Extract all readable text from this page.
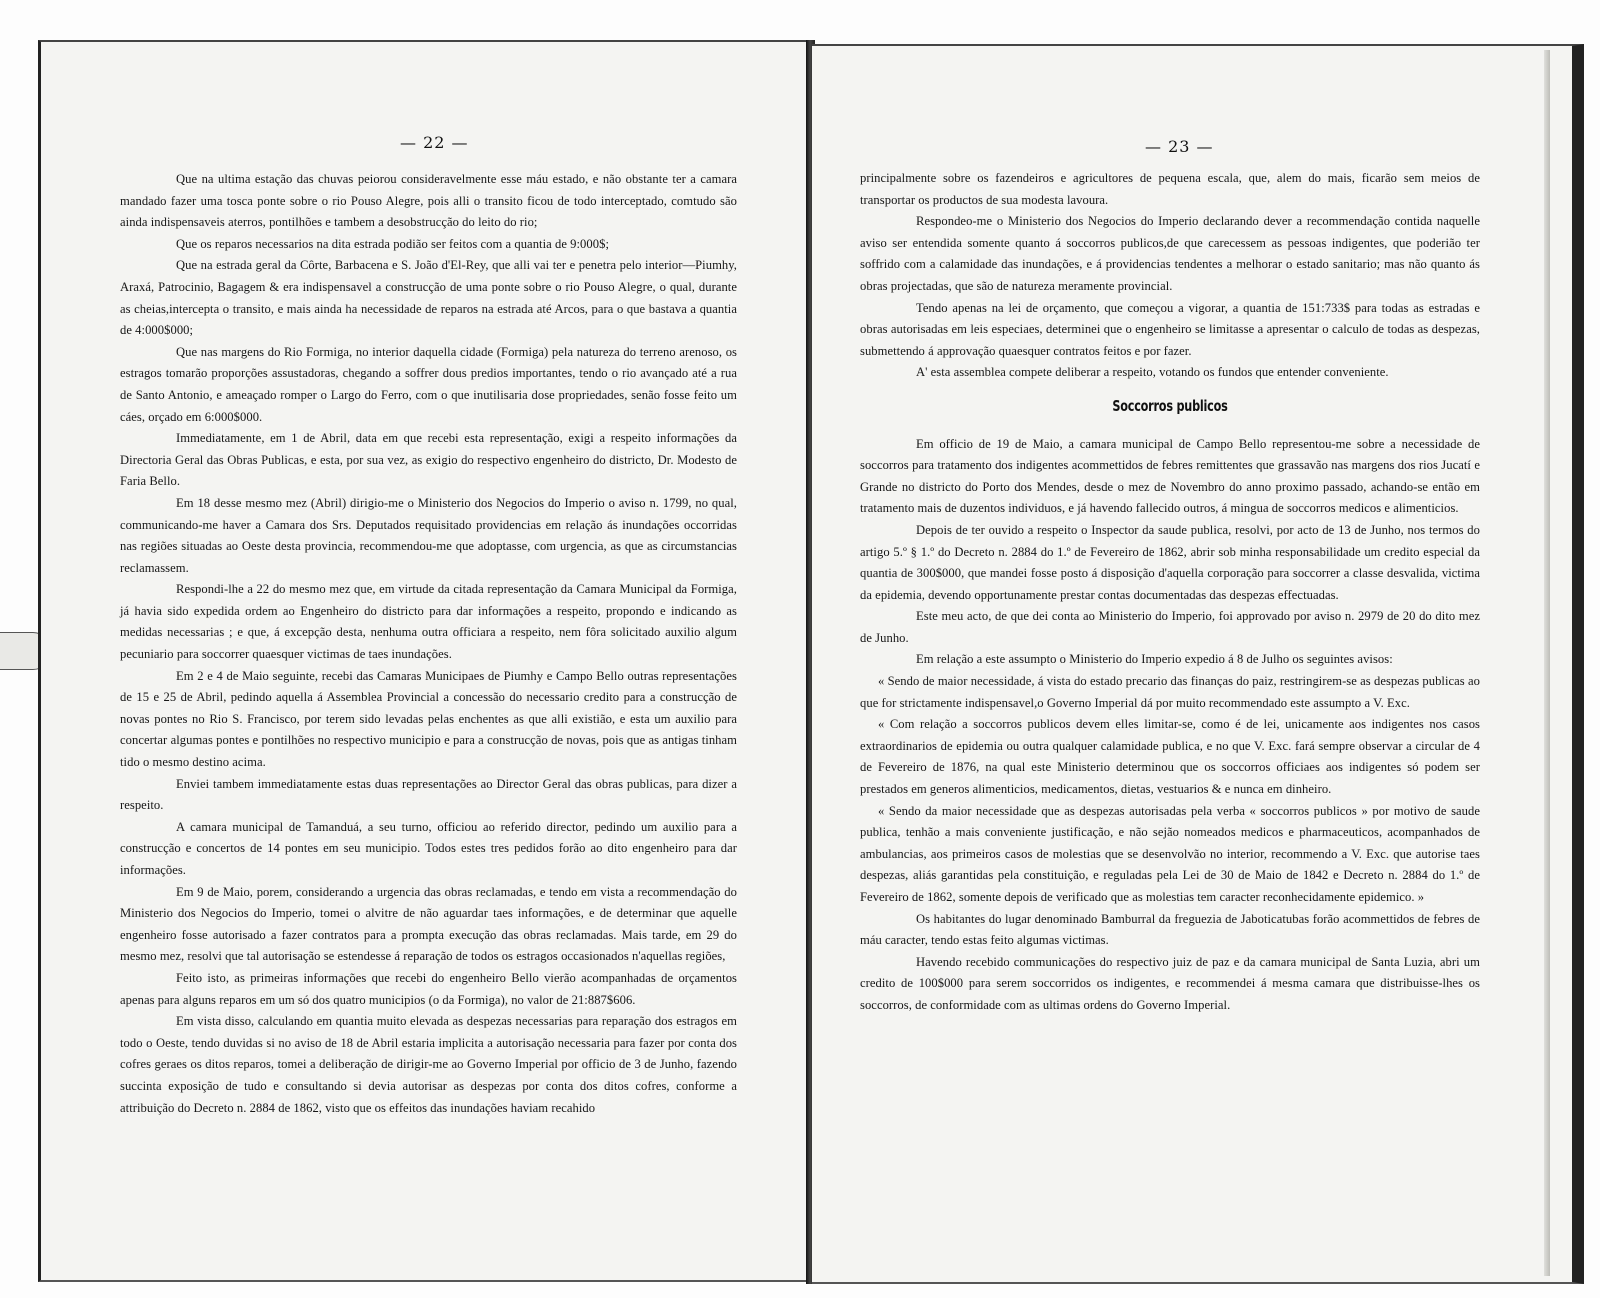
— 22 —	— 23 —

Que na ultima estação das chuvas peiorou consideravelmente esse máu estado, e não obstante ter a camara mandado fazer uma tosca ponte sobre o rio Pouso Alegre, pois alli o transito ficou de todo interceptado, comtudo são ainda indispensaveis aterros, pontilhões e tambem a desobstrucção do leito do rio;

Que os reparos necessarios na dita estrada podião ser feitos com a quantia de 9:000$;

Que na estrada geral da Côrte, Barbacena e S. João d'El-Rey, que alli vai ter e penetra pelo interior—Piumhy, Araxá, Patrocinio, Bagagem & era indispensavel a construcção de uma ponte sobre o rio Pouso Alegre, o qual, durante as cheias,intercepta o transito, e mais ainda ha necessidade de reparos na estrada até Arcos, para o que bastava a quantia de 4:000$000;

Que nas margens do Rio Formiga, no interior daquella cidade (Formiga) pela natureza do terreno arenoso, os estragos tomarão proporções assustadoras, chegando a soffrer dous predios importantes, tendo o rio avançado até a rua de Santo Antonio, e ameaçado romper o Largo do Ferro, com o que inutilisaria dose propriedades, senão fosse feito um cáes, orçado em 6:000$000.

Immediatamente, em 1 de Abril, data em que recebi esta representação, exigi a respeito informações da Directoria Geral das Obras Publicas, e esta, por sua vez, as exigio do respectivo engenheiro do districto, Dr. Modesto de Faria Bello.

Em 18 desse mesmo mez (Abril) dirigio-me o Ministerio dos Negocios do Imperio o aviso n. 1799, no qual, communicando-me haver a Camara dos Srs. Deputados requisitado providencias em relação ás inundações occorridas nas regiões situadas ao Oeste desta provincia, recommendou-me que adoptasse, com urgencia, as que as circumstancias reclamassem.

Respondi-lhe a 22 do mesmo mez que, em virtude da citada representação da Camara Municipal da Formiga, já havia sido expedida ordem ao Engenheiro do districto para dar informações a respeito, propondo e indicando as medidas necessarias ; e que, á excepção desta, nenhuma outra officiara a respeito, nem fôra solicitado auxilio algum pecuniario para soccorrer quaesquer victimas de taes inundações.

Em 2 e 4 de Maio seguinte, recebi das Camaras Municipaes de Piumhy e Campo Bello outras representações de 15 e 25 de Abril, pedindo aquella á Assemblea Provincial a concessão do necessario credito para a construcção de novas pontes no Rio S. Francisco, por terem sido levadas pelas enchentes as que alli existião, e esta um auxilio para concertar algumas pontes e pontilhões no respectivo municipio e para a construcção de novas, pois que as antigas tinham tido o mesmo destino acima.

Enviei tambem immediatamente estas duas representações ao Director Geral das obras publicas, para dizer a respeito.

A camara municipal de Tamanduá, a seu turno, officiou ao referido director, pedindo um auxilio para a construcção e concertos de 14 pontes em seu municipio. Todos estes tres pedidos forão ao dito engenheiro para dar informações.

Em 9 de Maio, porem, considerando a urgencia das obras reclamadas, e tendo em vista a recommendação do Ministerio dos Negocios do Imperio, tomei o alvitre de não aguardar taes informações, e de determinar que aquelle engenheiro fosse autorisado a fazer contratos para a prompta execução das obras reclamadas. Mais tarde, em 29 do mesmo mez, resolvi que tal autorisação se estendesse á reparação de todos os estragos occasionados n'aquellas regiões,

Feito isto, as primeiras informações que recebi do engenheiro Bello vierão acompanhadas de orçamentos apenas para alguns reparos em um só dos quatro municipios (o da Formiga), no valor de 21:887$606.

Em vista disso, calculando em quantia muito elevada as despezas necessarias para reparação dos estragos em todo o Oeste, tendo duvidas si no aviso de 18 de Abril estaria implicita a autorisação necessaria para fazer por conta dos cofres geraes os ditos reparos, tomei a deliberação de dirigir-me ao Governo Imperial por officio de 3 de Junho, fazendo succinta exposição de tudo e consultando si devia autorisar as despezas por conta dos ditos cofres, conforme a attribuição do Decreto n. 2884 de 1862, visto que os effeitos das inundações haviam recahido

principalmente sobre os fazendeiros e agricultores de pequena escala, que, alem do mais, ficarão sem meios de transportar os productos de sua modesta lavoura.

Respondeo-me o Ministerio dos Negocios do Imperio declarando dever a recommendação contida naquelle aviso ser entendida somente quanto á soccorros publicos,de que carecessem as pessoas indigentes, que poderião ter soffrido com a calamidade das inundações, e á providencias tendentes a melhorar o estado sanitario; mas não quanto ás obras projectadas, que são de natureza meramente provincial.

Tendo apenas na lei de orçamento, que começou a vigorar, a quantia de 151:733$ para todas as estradas e obras autorisadas em leis especiaes, determinei que o engenheiro se limitasse a apresentar o calculo de todas as despezas, submettendo á approvação quaesquer contratos feitos e por fazer.

A' esta assemblea compete deliberar a respeito, votando os fundos que entender conveniente.

Soccorros publicos

Em officio de 19 de Maio, a camara municipal de Campo Bello representou-me sobre a necessidade de soccorros para tratamento dos indigentes acommettidos de febres remittentes que grassavão nas margens dos rios Jucatí e Grande no districto do Porto dos Mendes, desde o mez de Novembro do anno proximo passado, achando-se então em tratamento mais de duzentos individuos, e já havendo fallecido outros, á mingua de soccorros medicos e alimenticios.

Depois de ter ouvido a respeito o Inspector da saude publica, resolvi, por acto de 13 de Junho, nos termos do artigo 5.º § 1.º do Decreto n. 2884 do 1.º de Fevereiro de 1862, abrir sob minha responsabilidade um credito especial da quantia de 300$000, que mandei fosse posto á disposição d'aquella corporação para soccorrer a classe desvalida, victima da epidemia, devendo opportunamente prestar contas documentadas das despezas effectuadas.

Este meu acto, de que dei conta ao Ministerio do Imperio, foi approvado por aviso n. 2979 de 20 do dito mez de Junho.

Em relação a este assumpto o Ministerio do Imperio expedio á 8 de Julho os seguintes avisos:

« Sendo de maior necessidade, á vista do estado precario das finanças do paiz, restringirem-se as despezas publicas ao que for strictamente indispensavel,o Governo Imperial dá por muito recommendado este assumpto a V. Exc.

« Com relação a soccorros publicos devem elles limitar-se, como é de lei, unicamente aos indigentes nos casos extraordinarios de epidemia ou outra qualquer calamidade publica, e no que V. Exc. fará sempre observar a circular de 4 de Fevereiro de 1876, na qual este Ministerio determinou que os soccorros officiaes aos indigentes só podem ser prestados em generos alimenticios, medicamentos, dietas, vestuarios & e nunca em dinheiro.

« Sendo da maior necessidade que as despezas autorisadas pela verba « soccorros publicos » por motivo de saude publica, tenhão a mais conveniente justificação, e não sejão nomeados medicos e pharmaceuticos, acompanhados de ambulancias, aos primeiros casos de molestias que se desenvolvão no interior, recommendo a V. Exc. que autorise taes despezas, aliás garantidas pela constituição, e reguladas pela Lei de 30 de Maio de 1842 e Decreto n. 2884 do 1.º de Fevereiro de 1862, somente depois de verificado que as molestias tem caracter reconhecidamente epidemico. »

Os habitantes do lugar denominado Bamburral da freguezia de Jaboticatubas forão acommettidos de febres de máu caracter, tendo estas feito algumas victimas.

Havendo recebido communicações do respectivo juiz de paz e da camara municipal de Santa Luzia, abri um credito de 100$000 para serem soccorridos os indigentes, e recommendei á mesma camara que distribuisse-lhes os soccorros, de conformidade com as ultimas ordens do Governo Imperial.
